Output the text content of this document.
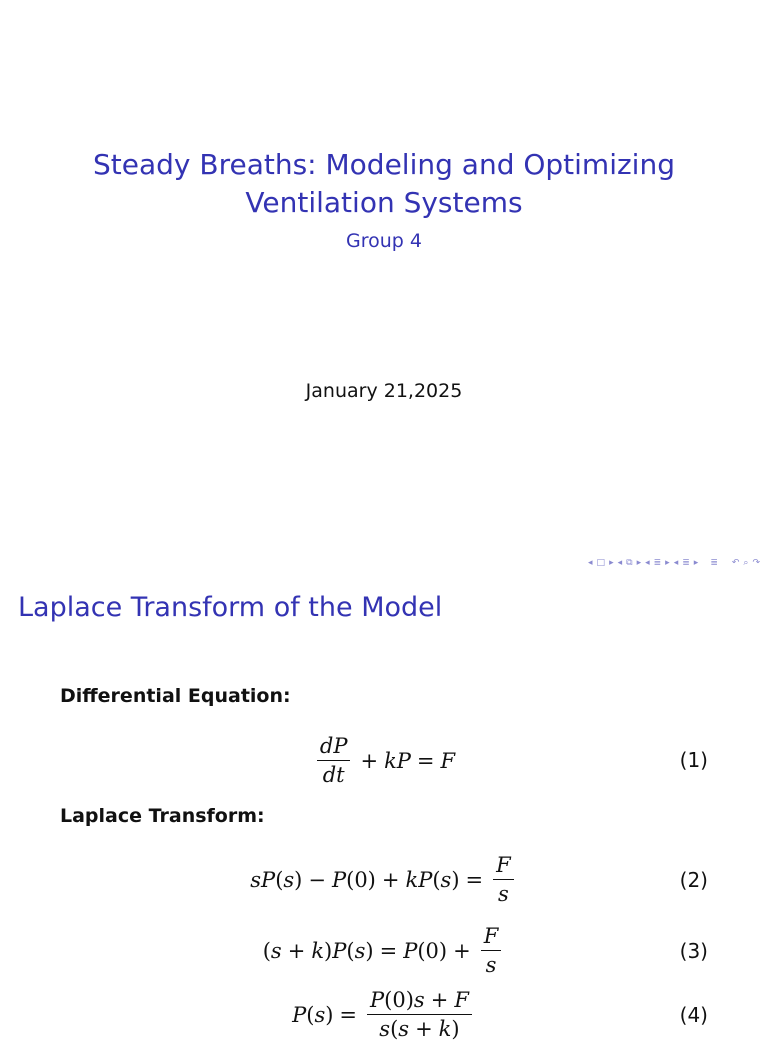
Steady Breaths: Modeling and Optimizing
Ventilation Systems
Group 4
January 21,2025
◂ □ ▸ ◂ ⧉ ▸ ◂ ≣ ▸ ◂ ≣ ▸ ≣ ↶ ⌕ ↷
Laplace Transform of the Model
Differential Equation:
$\frac{dP}{dt}$ + kP = F	(1)
Laplace Transform:
sP ( s ) − P (0) + kP ( s ) = $\frac{F}{s}$	(2)
( s + k ) P ( s ) = P $(0) + \frac{F}{s}$	(3)
P ( s ) = $\frac{P(0)s + F}{s(s + k)}$	(4)
